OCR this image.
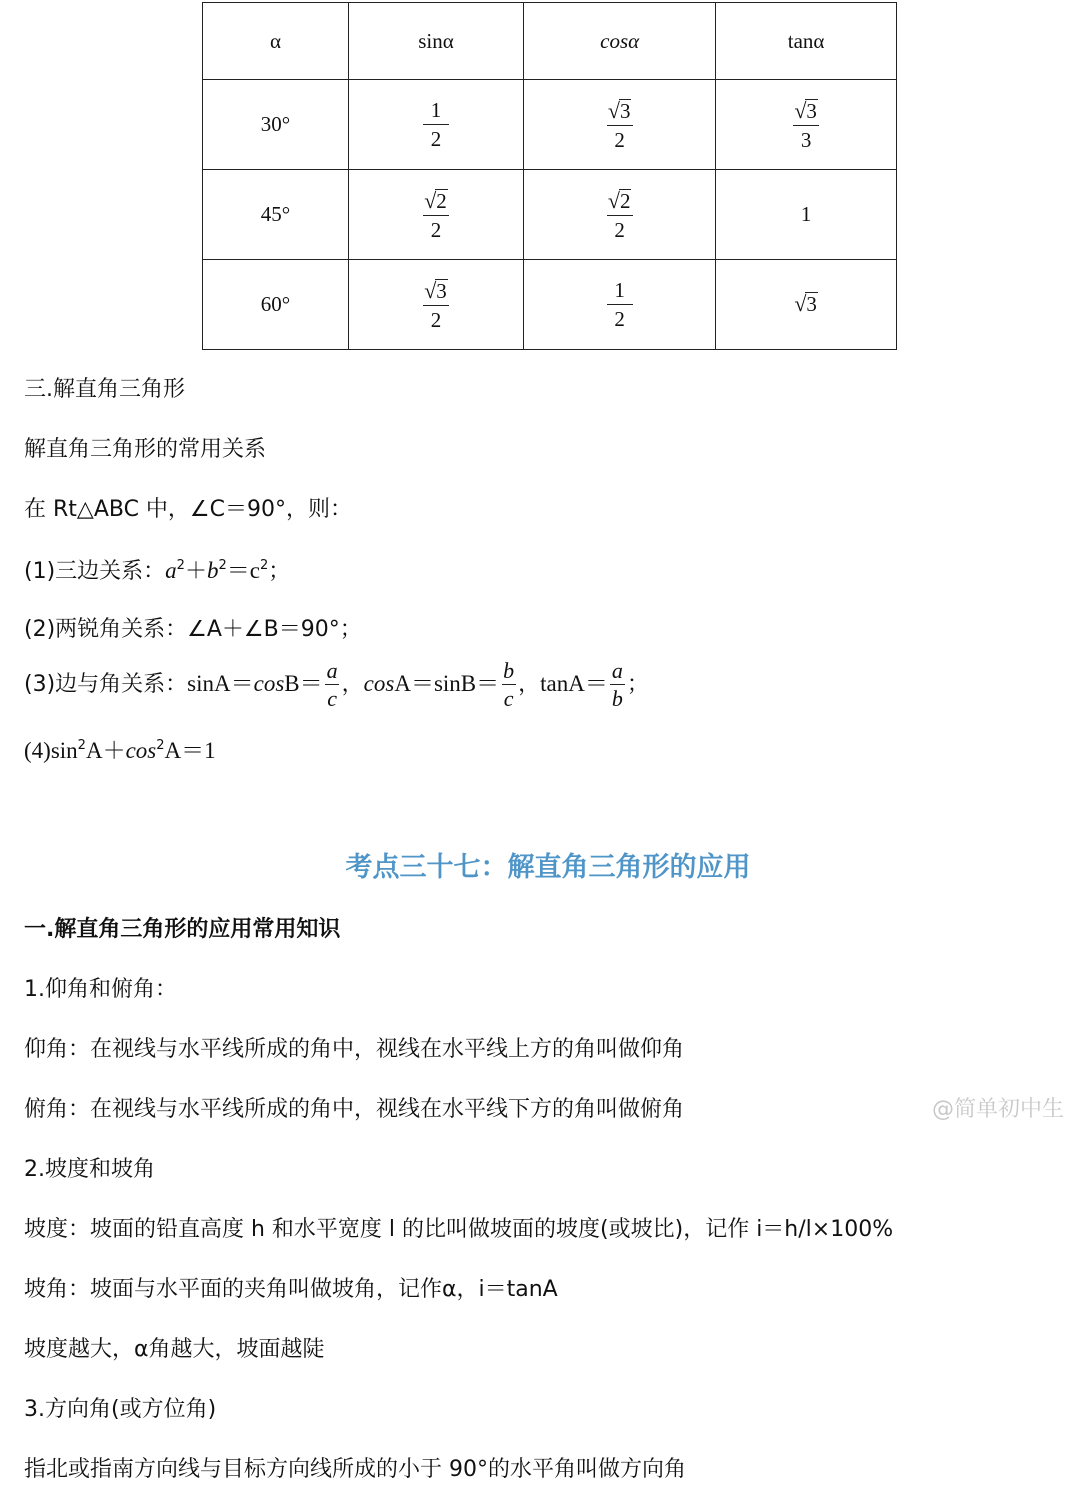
α	sinα	cosα	tanα
30°	$\frac{1}{2}$	$\frac{√ 3}{2}$	$\frac{√ 3}{3}$

45°	$\frac{√ 2}{2}$	$\frac{√ 2}{2}$	1
60°	$\frac{√ 3}{2}$	$\frac{1}{2}$	√ 3
三.解直角三角形
解直角三角形的常用关系
在 Rt△ABC 中，∠C＝90°，则：
(1)三边关系：$a^2+b^2=c^2$；
(2)两锐角关系：∠A＋∠B＝90°；
(3)边与角关系：$\sin A=\cos B= \frac{a}{c}$ ，$\cos A=\sin B= \frac{b}{c}$ ，$\tan A= \frac{a}{b}$ ；
$(4)\sin^2A+\cos^2A=1$
考点三十七：解直角三角形的应用
一.解直角三角形的应用常用知识
1.仰角和俯角：
仰角：在视线与水平线所成的角中，视线在水平线上方的角叫做仰角
俯角：在视线与水平线所成的角中，视线在水平线下方的角叫做俯角
2.坡度和坡角
坡度：坡面的铅直高度 h 和水平宽度 l 的比叫做坡面的坡度(或坡比)，记作 i＝h/l×100%
坡角：坡面与水平面的夹角叫做坡角，记作α，i＝tanA
坡度越大，α角越大，坡面越陡
3.方向角(或方位角)
指北或指南方向线与目标方向线所成的小于 90°的水平角叫做方向角
@简单初中生
